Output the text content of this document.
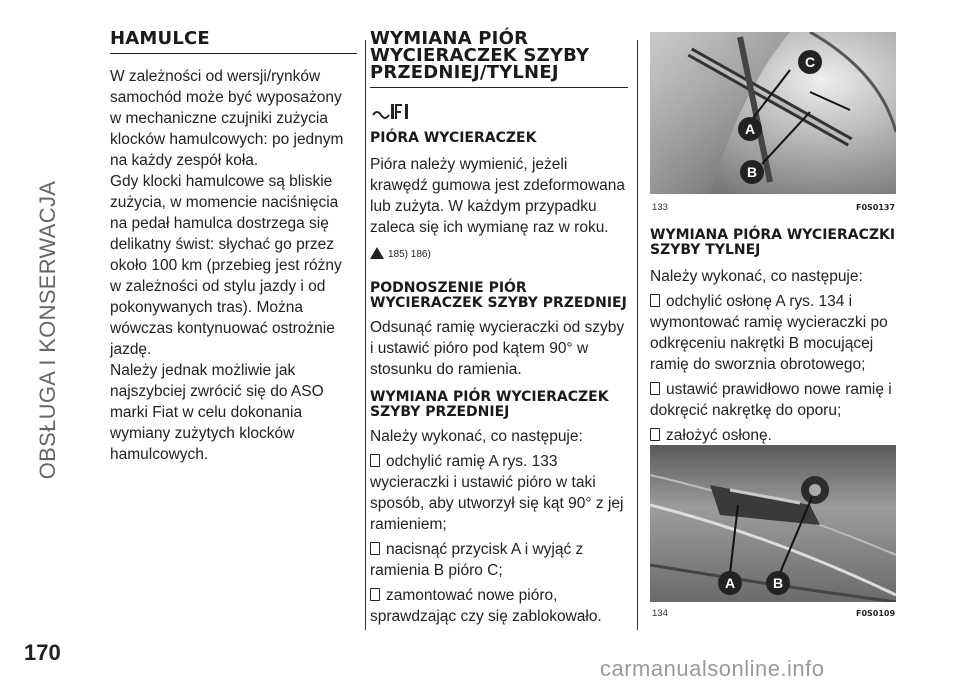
OBSŁUGA I KONSERWACJA
170
HAMULCE

W zależności od wersji/rynków samochód może być wyposażony w mechaniczne czujniki zużycia klocków hamulcowych: po jednym na każdy zespół koła.

Gdy klocki hamulcowe są bliskie zużycia, w momencie naciśnięcia na pedał hamulca dostrzega się delikatny świst: słychać go przez około 100 km (przebieg jest różny w zależności od stylu jazdy i od pokonywanych tras). Można wówczas kontynuować ostrożnie jazdę.

Należy jednak możliwie jak najszybciej zwrócić się do ASO marki Fiat w celu dokonania wymiany zużytych klocków hamulcowych.

WYMIANA PIÓR WYCIERACZEK SZYBY PRZEDNIEJ/TYLNEJ
PIÓRA WYCIERACZEK

Pióra należy wymienić, jeżeli krawędź gumowa jest zdeformowana lub zużyta. W każdym przypadku zaleca się ich wymianę raz w roku.

185) 186)

PODNOSZENIE PIÓR WYCIERACZEK SZYBY PRZEDNIEJ

Odsunąć ramię wycieraczki od szyby i ustawić pióro pod kątem 90° w stosunku do ramienia.

WYMIANA PIÓR WYCIERACZEK SZYBY PRZEDNIEJ

Należy wykonać, co następuje:

odchylić ramię A rys. 133 wycieraczki i ustawić pióro w taki sposób, aby utworzył się kąt 90° z jej ramieniem;

nacisnąć przycisk A i wyjąć z ramienia B pióro C;

zamontować nowe pióro, sprawdzając czy się zablokowało.

C
A
B
133	F0S0137
WYMIANA PIÓRA WYCIERACZKI SZYBY TYLNEJ

Należy wykonać, co następuje:

odchylić osłonę A rys. 134 i wymontować ramię wycieraczki po odkręceniu nakrętki B mocującej ramię do sworznia obrotowego;

ustawić prawidłowo nowe ramię i dokręcić nakrętkę do oporu;

założyć osłonę.

A	B
134	F0S0109
carmanualsonline.info
